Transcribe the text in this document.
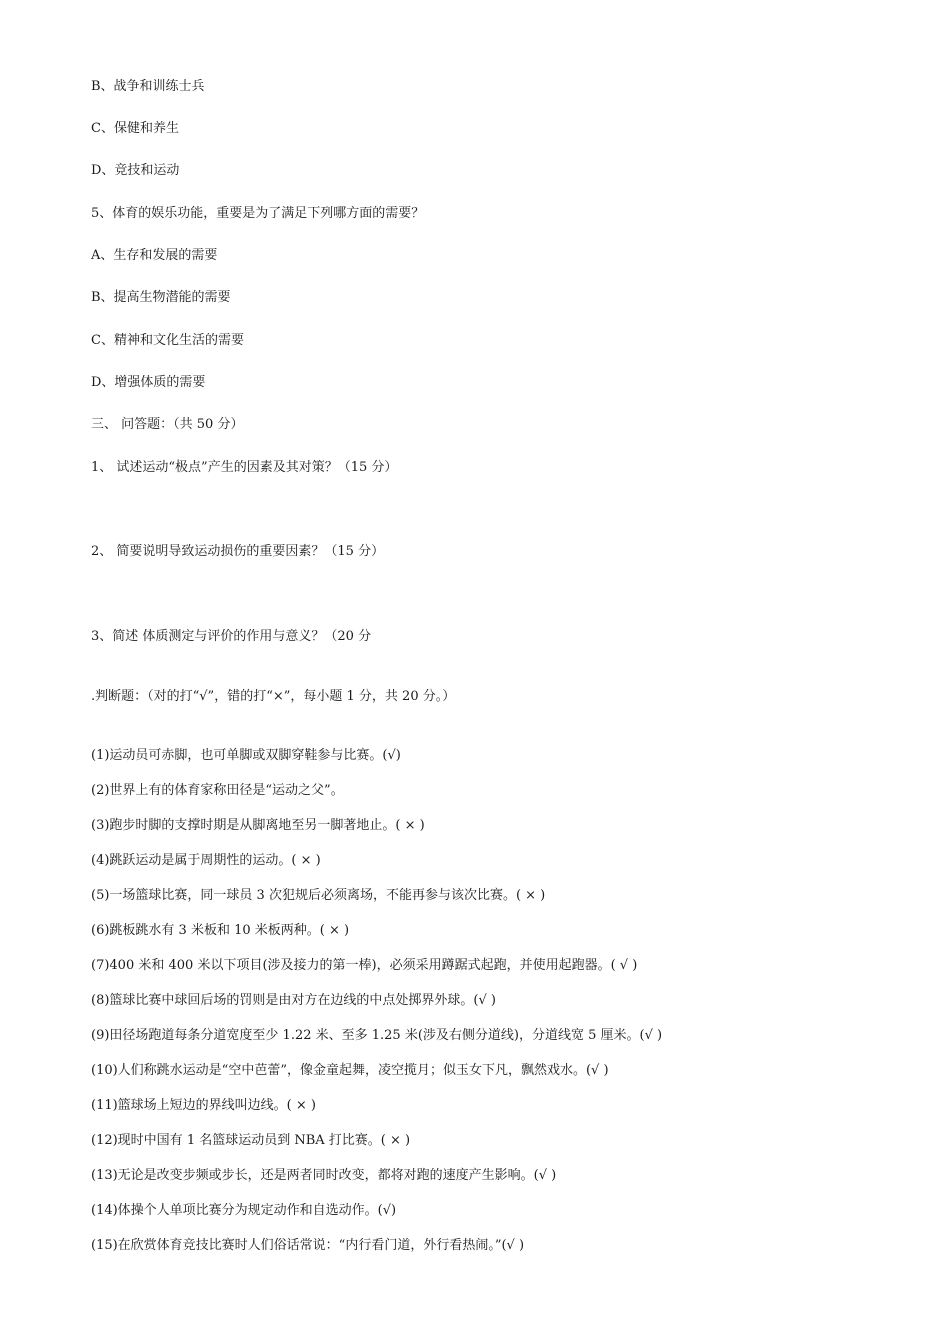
B、战争和训练士兵
C、保健和养生
D、竞技和运动
5、体育的娱乐功能，重要是为了满足下列哪方面的需要？
A、生存和发展的需要
B、提高生物潜能的需要
C、精神和文化生活的需要
D、增强体质的需要
三、 问答题：（共 50 分）
1、 试述运动“极点”产生的因素及其对策？（15 分）
2、 简要说明导致运动损伤的重要因素？（15 分）
3、简述 体质测定与评价的作用与意义？（20 分
.判断题：（对的打“√”，错的打“×”，每小题 1 分，共 20 分。）
(1)运动员可赤脚，也可单脚或双脚穿鞋参与比赛。(√)
(2)世界上有的体育家称田径是“运动之父”。
(3)跑步时脚的支撑时期是从脚离地至另一脚著地止。( × )
(4)跳跃运动是属于周期性的运动。( × )
(5)一场篮球比赛，同一球员 3 次犯规后必须离场，不能再参与该次比赛。( × )
(6)跳板跳水有 3 米板和 10 米板两种。( × )
(7)400 米和 400 米以下项目(涉及接力的第一棒)，必须采用蹲踞式起跑，并使用起跑器。( √ )
(8)篮球比赛中球回后场的罚则是由对方在边线的中点处掷界外球。(√ )
(9)田径场跑道每条分道宽度至少 1.22 米、至多 1.25 米(涉及右侧分道线)，分道线宽 5 厘米。(√ )
(10)人们称跳水运动是“空中芭蕾”，像金童起舞，凌空揽月；似玉女下凡，飘然戏水。(√ )
(11)篮球场上短边的界线叫边线。( × )
(12)现时中国有 1 名篮球运动员到 NBA 打比赛。( × )
(13)无论是改变步频或步长，还是两者同时改变，都将对跑的速度产生影响。(√ )
(14)体操个人单项比赛分为规定动作和自选动作。(√)
(15)在欣赏体育竞技比赛时人们俗话常说：“内行看门道，外行看热闹。”(√ )
